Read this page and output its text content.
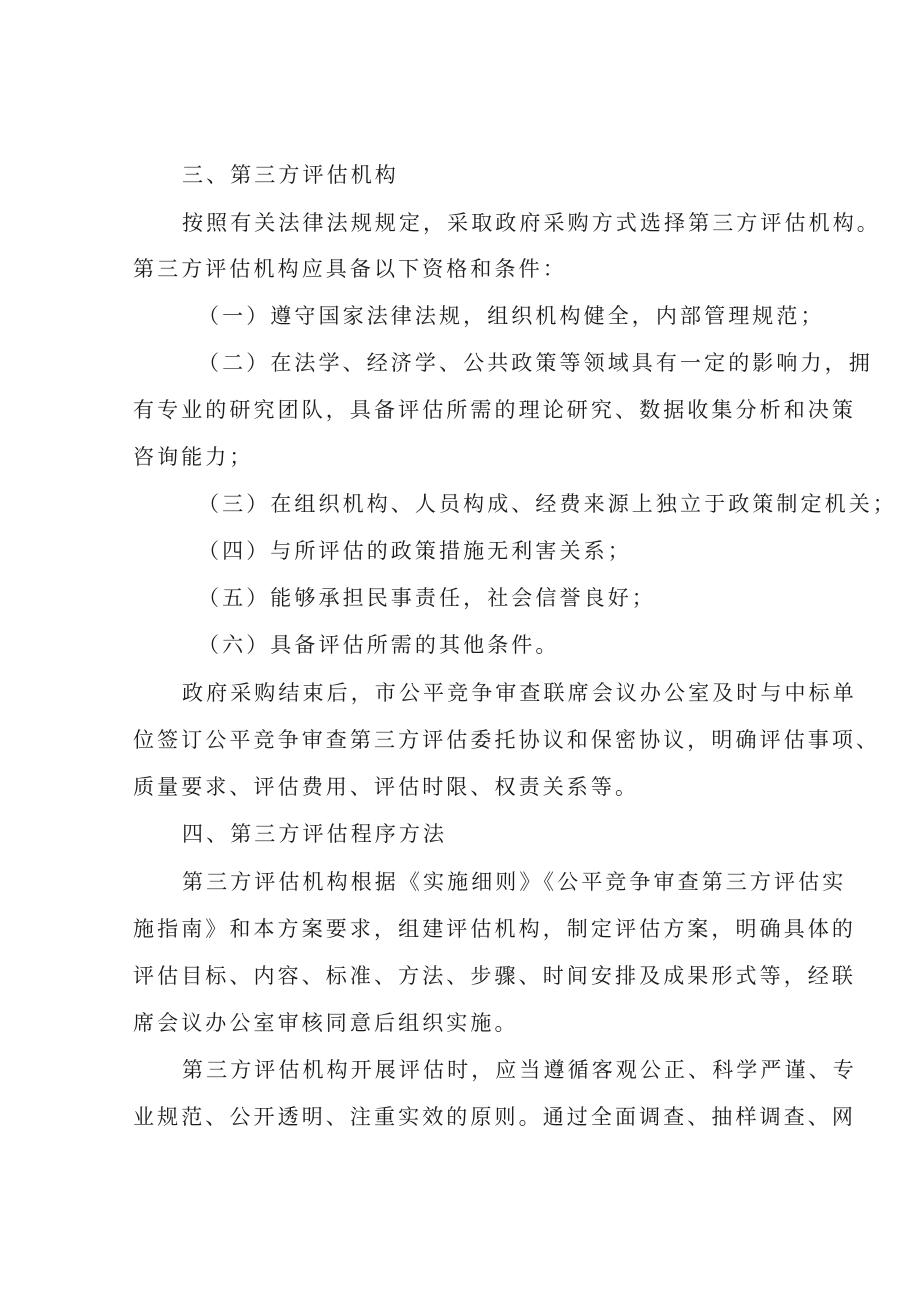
三、第三方评估机构
按照有关法律法规规定，采取政府采购方式选择第三方评估机构。
第三方评估机构应具备以下资格和条件：
（一）遵守国家法律法规，组织机构健全，内部管理规范；
（二）在法学、经济学、公共政策等领域具有一定的影响力，拥
有专业的研究团队，具备评估所需的理论研究、数据收集分析和决策
咨询能力；
（三）在组织机构、人员构成、经费来源上独立于政策制定机关；
（四）与所评估的政策措施无利害关系；
（五）能够承担民事责任，社会信誉良好；
（六）具备评估所需的其他条件。
政府采购结束后，市公平竞争审查联席会议办公室及时与中标单
位签订公平竞争审查第三方评估委托协议和保密协议，明确评估事项、
质量要求、评估费用、评估时限、权责关系等。
四、第三方评估程序方法
第三方评估机构根据《实施细则》《公平竞争审查第三方评估实
施指南》和本方案要求，组建评估机构，制定评估方案，明确具体的
评估目标、内容、标准、方法、步骤、时间安排及成果形式等，经联
席会议办公室审核同意后组织实施。
第三方评估机构开展评估时，应当遵循客观公正、科学严谨、专
业规范、公开透明、注重实效的原则。通过全面调查、抽样调查、网
